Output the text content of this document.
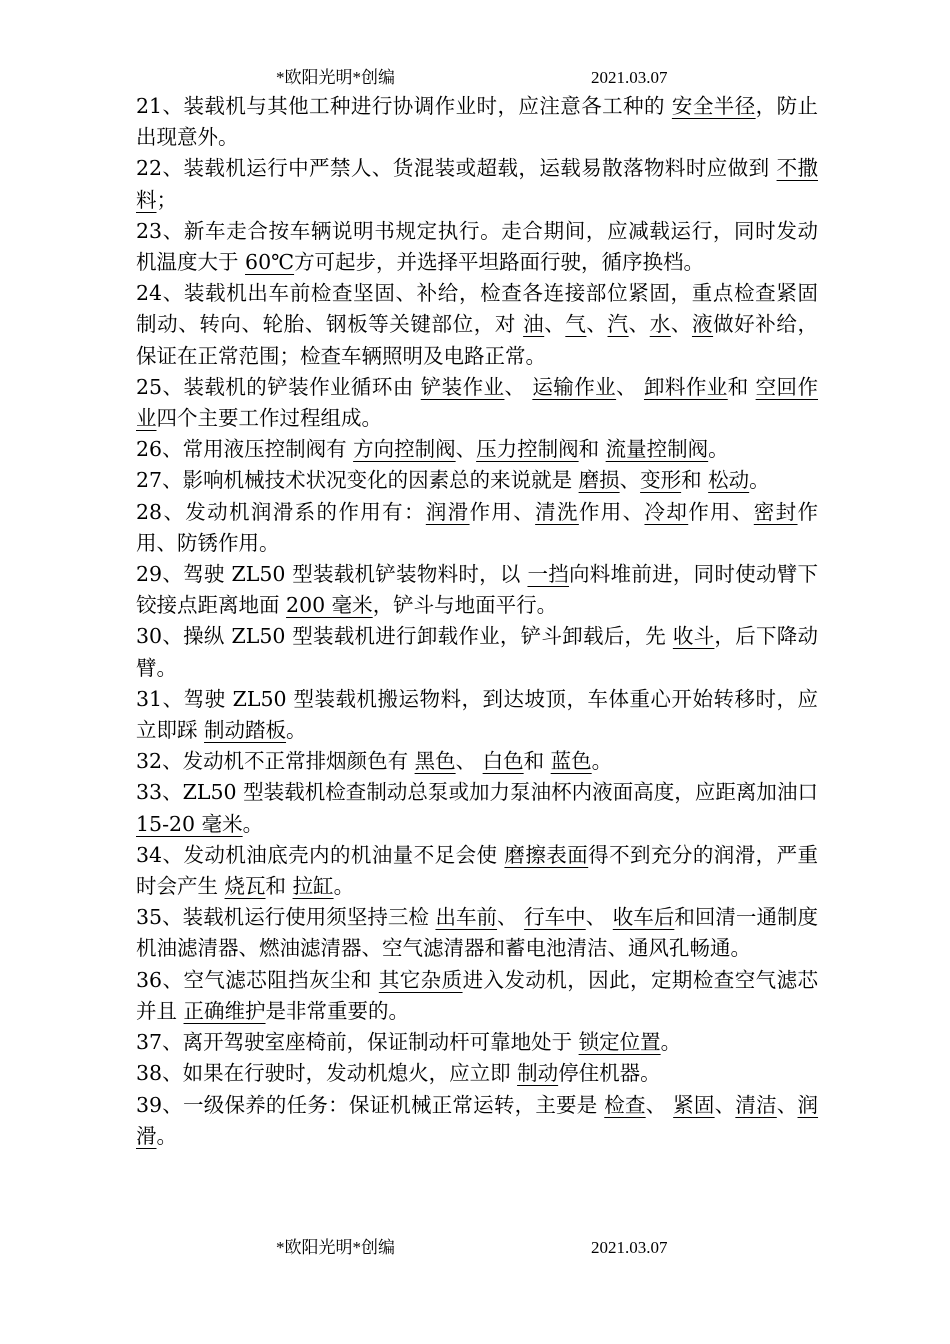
*欧阳光明*创编	2021.03.07

21、装载机与其他工种进行协调作业时，应注意各工种的 安全半径，防止出现意外。

22、装载机运行中严禁人、货混装或超载，运载易散落物料时应做到 不撒料；

23、新车走合按车辆说明书规定执行。走合期间，应减载运行，同时发动机温度大于 60℃方可起步，并选择平坦路面行驶，循序换档。

24、装载机出车前检查坚固、补给，检查各连接部位紧固，重点检查紧固制动、转向、轮胎、钢板等关键部位，对 油、气、汽、水、液做好补给，保证在正常范围；检查车辆照明及电路正常。

25、装载机的铲装作业循环由 铲装作业、 运输作业、 卸料作业和 空回作业四个主要工作过程组成。

26、常用液压控制阀有 方向控制阀、压力控制阀和 流量控制阀。

27、影响机械技术状况变化的因素总的来说就是 磨损、变形和 松动。

28、发动机润滑系的作用有：润滑作用、清洗作用、冷却作用、密封作用、防锈作用。

29、驾驶 ZL50 型装载机铲装物料时，以 一挡向料堆前进，同时使动臂下铰接点距离地面 200 毫米，铲斗与地面平行。

30、操纵 ZL50 型装载机进行卸载作业，铲斗卸载后，先 收斗，后下降动臂。

31、驾驶 ZL50 型装载机搬运物料，到达坡顶，车体重心开始转移时，应立即踩 制动踏板。

32、发动机不正常排烟颜色有 黑色、 白色和 蓝色。

33、ZL50 型装载机检查制动总泵或加力泵油杯内液面高度，应距离加油口 15-20 毫米。

34、发动机油底壳内的机油量不足会使 磨擦表面得不到充分的润滑，严重时会产生 烧瓦和 拉缸。

35、装载机运行使用须坚持三检 出车前、 行车中、 收车后和回清一通制度机油滤清器、燃油滤清器、空气滤清器和蓄电池清洁、通风孔畅通。

36、空气滤芯阻挡灰尘和 其它杂质进入发动机，因此，定期检查空气滤芯并且 正确维护是非常重要的。

37、离开驾驶室座椅前，保证制动杆可靠地处于 锁定位置。

38、如果在行驶时，发动机熄火，应立即 制动停住机器。

39、一级保养的任务：保证机械正常运转，主要是 检查、 紧固、清洁、润滑。

*欧阳光明*创编	2021.03.07
